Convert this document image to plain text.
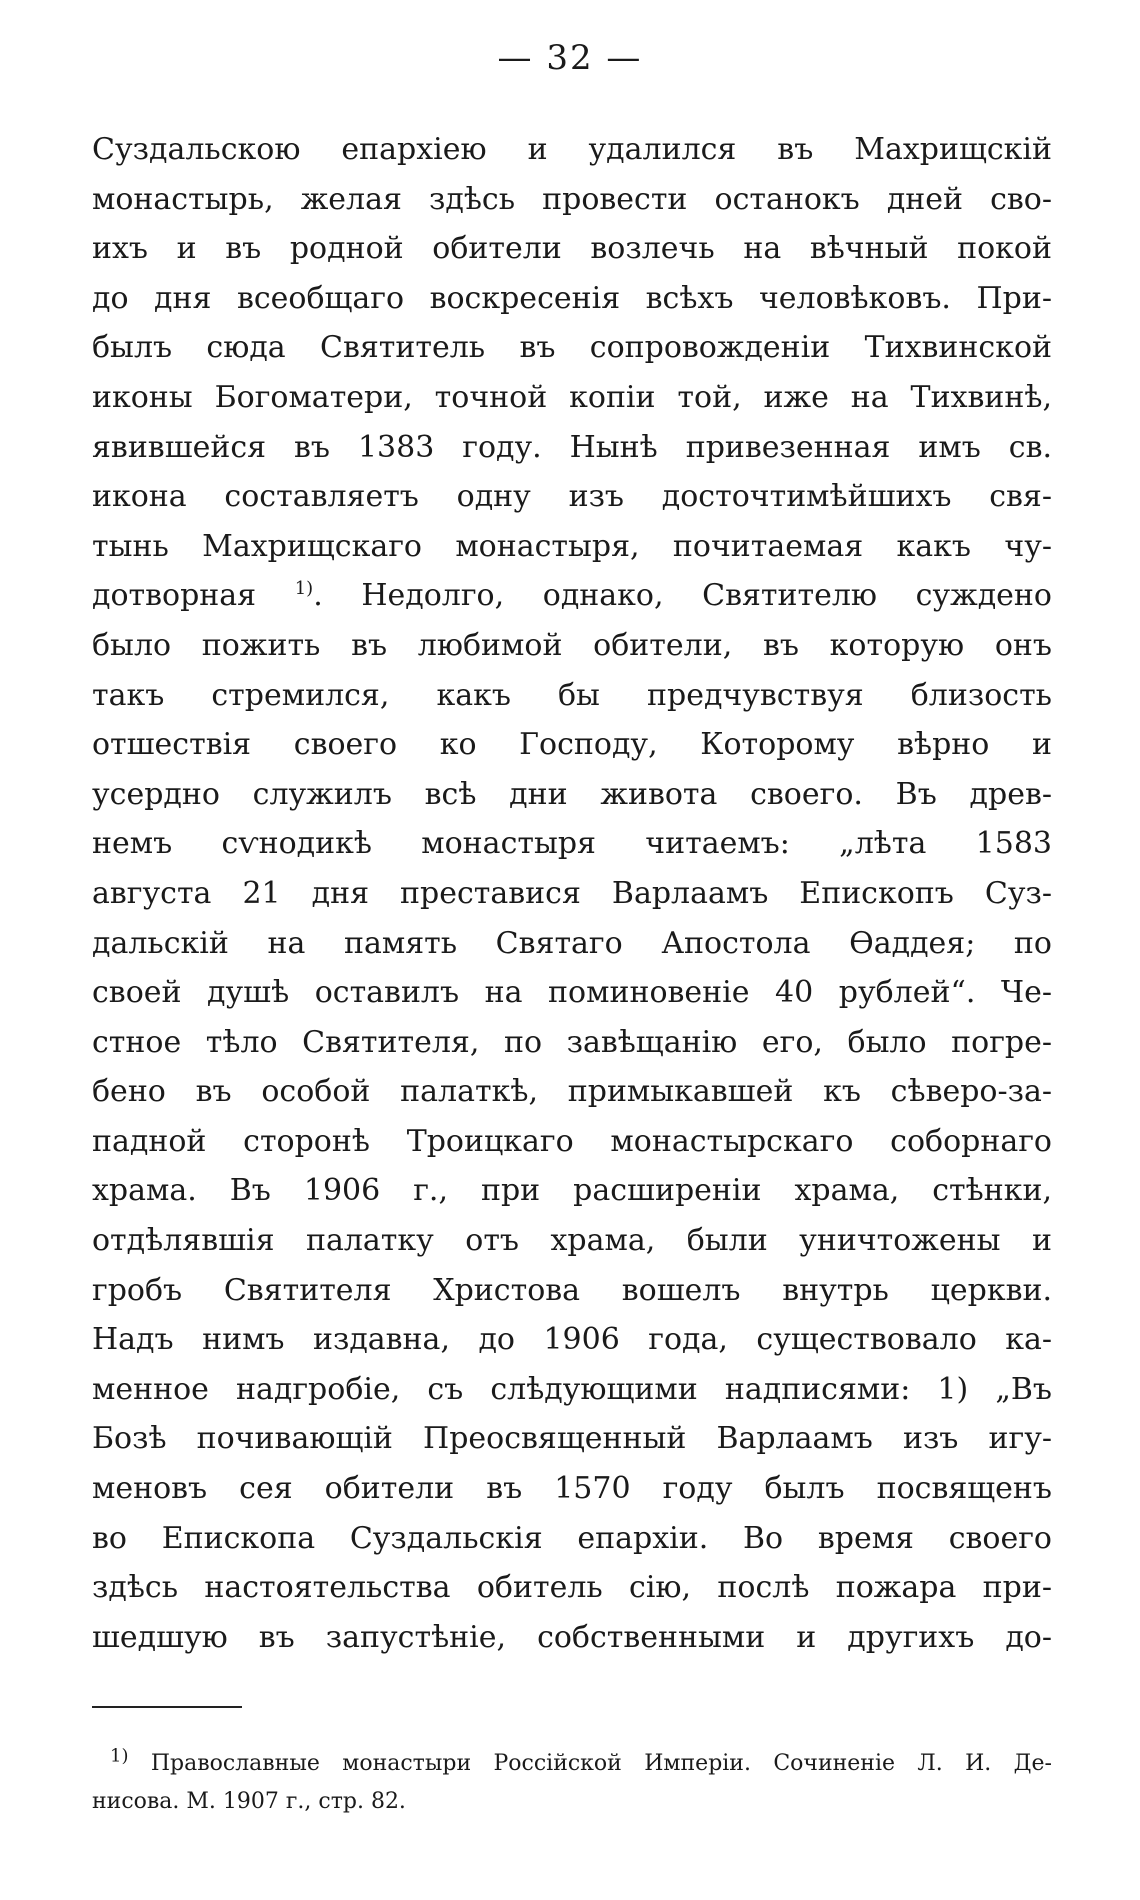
— 32 —
Суздальскою епархіею и удалился въ Махрищскій
монастырь, желая здѣсь провести останокъ дней сво-
ихъ и въ родной обители возлечь на вѣчный покой
до дня всеобщаго воскресенія всѣхъ человѣковъ. При-
былъ сюда Святитель въ сопровожденіи Тихвинской
иконы Богоматери, точной копіи той, иже на Тихвинѣ,
явившейся въ 1383 году. Нынѣ привезенная имъ св.
икона составляетъ одну изъ досточтимѣйшихъ свя-
тынь Махрищскаго монастыря, почитаемая какъ чу-
дотворная $^{1)}$. Недолго, однако, Святителю суждено
было пожить въ любимой обители, въ которую онъ
такъ стремился, какъ бы предчувствуя близость
отшествія своего ко Господу, Которому вѣрно и
усердно служилъ всѣ дни живота своего. Въ древ-
немъ сѵнодикѣ монастыря читаемъ: „лѣта 1583
августа 21 дня преставися Варлаамъ Епископъ Суз-
дальскій на память Святаго Апостола Ѳаддея; по
своей душѣ оставилъ на поминовеніе 40 рублей“. Че-
стное тѣло Святителя, по завѣщанію его, было погре-
бено въ особой палаткѣ, примыкавшей къ сѣверо-за-
падной сторонѣ Троицкаго монастырскаго соборнаго
храма. Въ 1906 г., при расширеніи храма, стѣнки,
отдѣлявшія палатку отъ храма, были уничтожены и
гробъ Святителя Христова вошелъ внутрь церкви.
Надъ нимъ издавна, до 1906 года, существовало ка-
менное надгробіе, съ слѣдующими надписями: 1) „Въ
Бозѣ почивающій Преосвященный Варлаамъ изъ игу-
меновъ сея обители въ 1570 году былъ посвященъ
во Епископа Суздальскія епархіи. Во время своего
здѣсь настоятельства обитель сію, послѣ пожара при-
шедшую въ запустѣніе, собственными и другихъ до-
$^{1)}$ Православные монастыри Россійской Имперіи. Сочиненіе Л. И. Де-
нисова. М. 1907 г., стр. 82.
